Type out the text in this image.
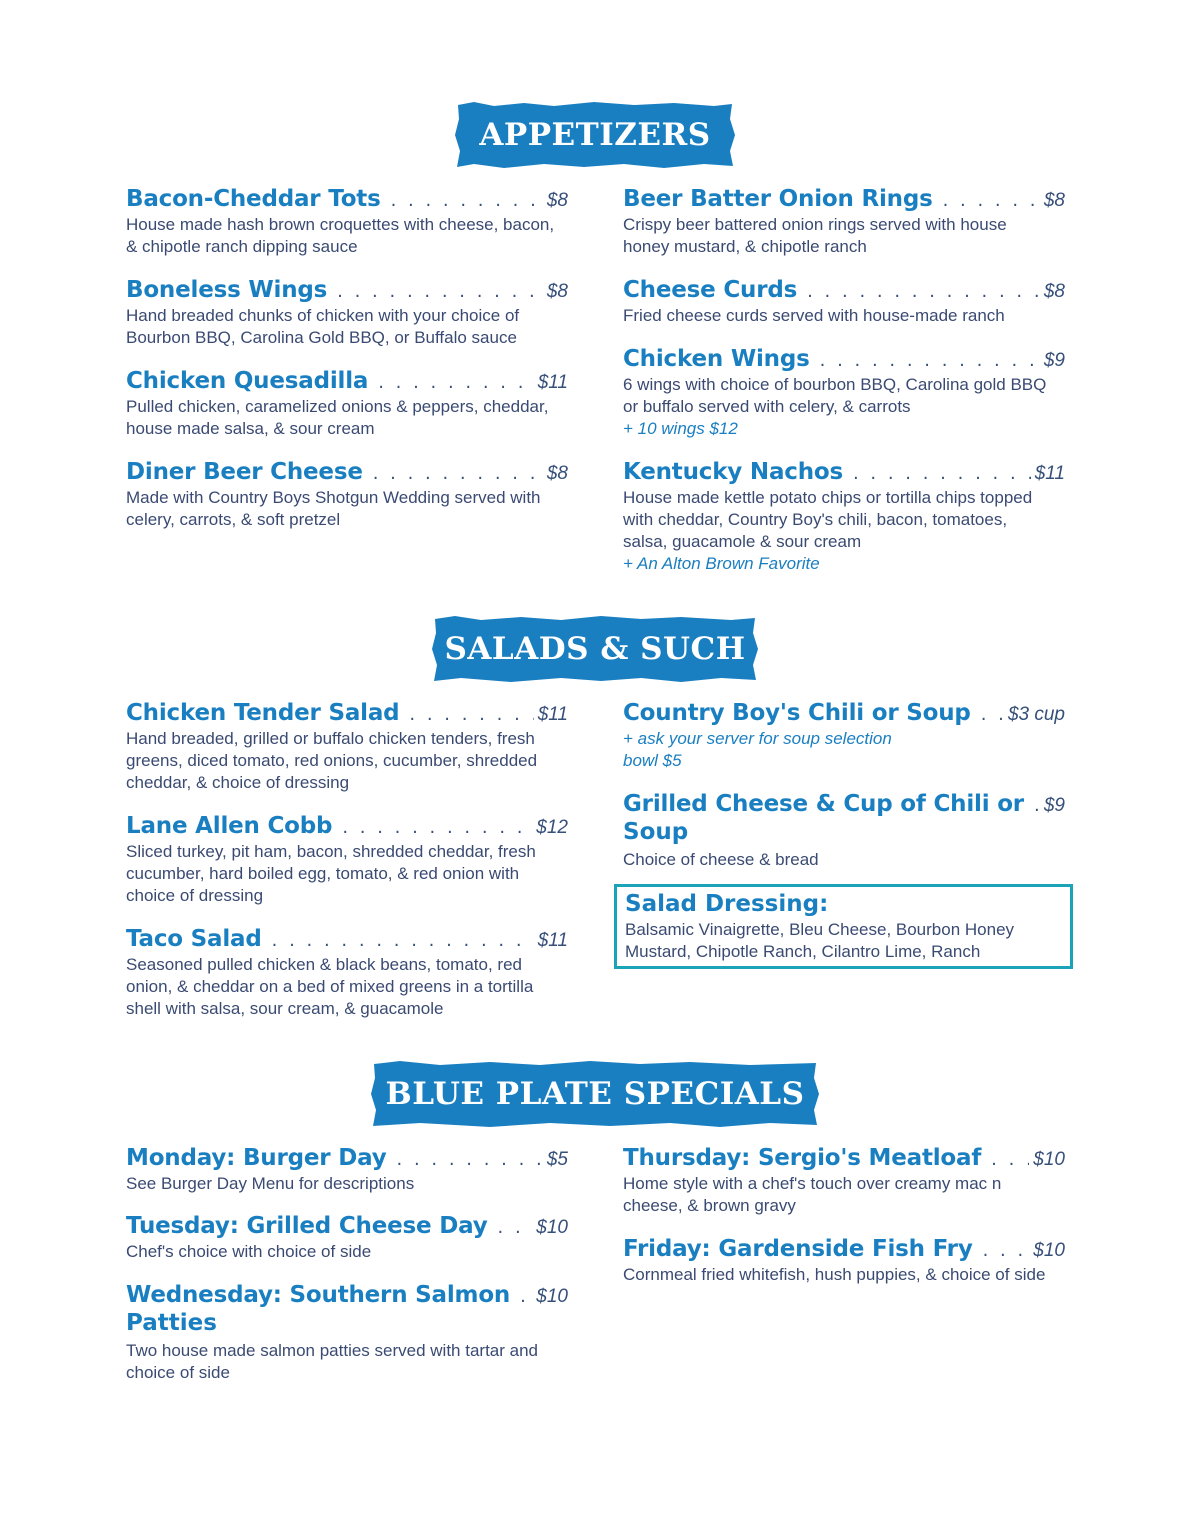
APPETIZERS
SALADS & SUCH
BLUE PLATE SPECIALS
Bacon-Cheddar Tots . . .	$8
House made hash brown croquettes with cheese, bacon,
& chipotle ranch dipping sauce
Boneless Wings . . .	$8
Hand breaded chunks of chicken with your choice of
Bourbon BBQ, Carolina Gold BBQ, or Buffalo sauce
Chicken Quesadilla . . .	$11
Pulled chicken, caramelized onions & peppers, cheddar,
house made salsa, & sour cream
Diner Beer Cheese . . .	$8
Made with Country Boys Shotgun Wedding served with
celery, carrots, & soft pretzel
Beer Batter Onion Rings . . .	$8
Crispy beer battered onion rings served with house
honey mustard, & chipotle ranch
Cheese Curds . . .	$8
Fried cheese curds served with house-made ranch
Chicken Wings . . .	$9
6 wings with choice of bourbon BBQ, Carolina gold BBQ
or buffalo served with celery, & carrots
+ 10 wings $12
Kentucky Nachos . . .	$11
House made kettle potato chips or tortilla chips topped
with cheddar, Country Boy's chili, bacon, tomatoes,
salsa, guacamole & sour cream
+ An Alton Brown Favorite
Chicken Tender Salad . . .	$11
Hand breaded, grilled or buffalo chicken tenders, fresh
greens, diced tomato, red onions, cucumber, shredded
cheddar, & choice of dressing
Lane Allen Cobb . . .	$12
Sliced turkey, pit ham, bacon, shredded cheddar, fresh
cucumber, hard boiled egg, tomato, & red onion with
choice of dressing
Taco Salad . . .	$11
Seasoned pulled chicken & black beans, tomato, red
onion, & cheddar on a bed of mixed greens in a tortilla
shell with salsa, sour cream, & guacamole
Country Boy's Chili or Soup . . . $3 cup
+ ask your server for soup selection
bowl $5
Grilled Cheese & Cup of Chili or . . . $9
Soup
Choice of cheese & bread
Salad Dressing:
Balsamic Vinaigrette, Bleu Cheese, Bourbon Honey
Mustard, Chipotle Ranch, Cilantro Lime, Ranch
Monday: Burger Day . . .	$5
See Burger Day Menu for descriptions
Tuesday: Grilled Cheese Day . . .	$10
Chef's choice with choice of side
Wednesday: Southern Salmon . . . $10
Patties
Two house made salmon patties served with tartar and
choice of side
Thursday: Sergio's Meatloaf . . .	$10
Home style with a chef's touch over creamy mac n
cheese, & brown gravy
Friday: Gardenside Fish Fry . . .	$10
Cornmeal fried whitefish, hush puppies, & choice of side
